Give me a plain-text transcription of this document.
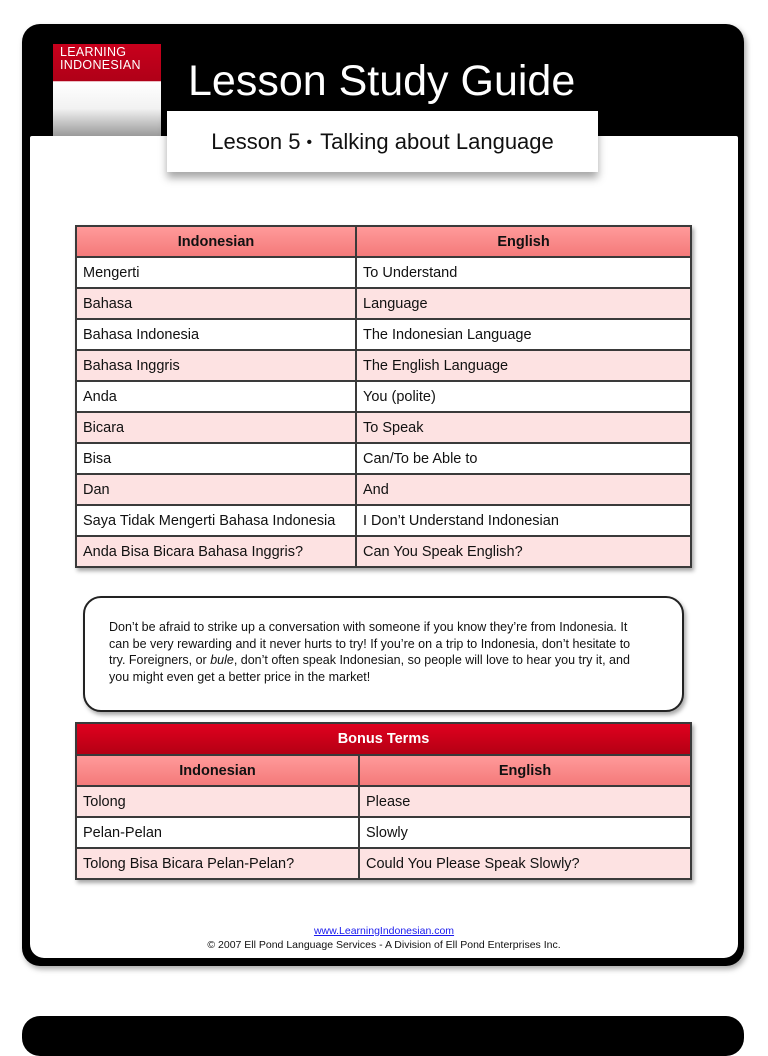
LEARNING
INDONESIAN	Lesson Study Guide
Lesson 5 • Talking about Language
Indonesian	English
Mengerti	To Understand
Bahasa	Language
Bahasa Indonesia	The Indonesian Language
Bahasa Inggris	The English Language
Anda	You (polite)
Bicara	To Speak
Bisa	Can/To be Able to
Dan	And
Saya Tidak Mengerti Bahasa Indonesia	I Don’t Understand Indonesian
Anda Bisa Bicara Bahasa Inggris?	Can You Speak English?
Don’t be afraid to strike up a conversation with someone if you know they’re from Indonesia. It can be very rewarding and it never hurts to try! If you’re on a trip to Indonesia, don’t hesitate to try. Foreigners, or bule, don’t often speak Indonesian, so people will love to hear you try it, and you might even get a better price in the market!
Bonus Terms	
Indonesian	English
Tolong	Please
Pelan-Pelan	Slowly
Tolong Bisa Bicara Pelan-Pelan?	Could You Please Speak Slowly?
www.LearningIndonesian.com
© 2007 Ell Pond Language Services - A Division of Ell Pond Enterprises Inc.
